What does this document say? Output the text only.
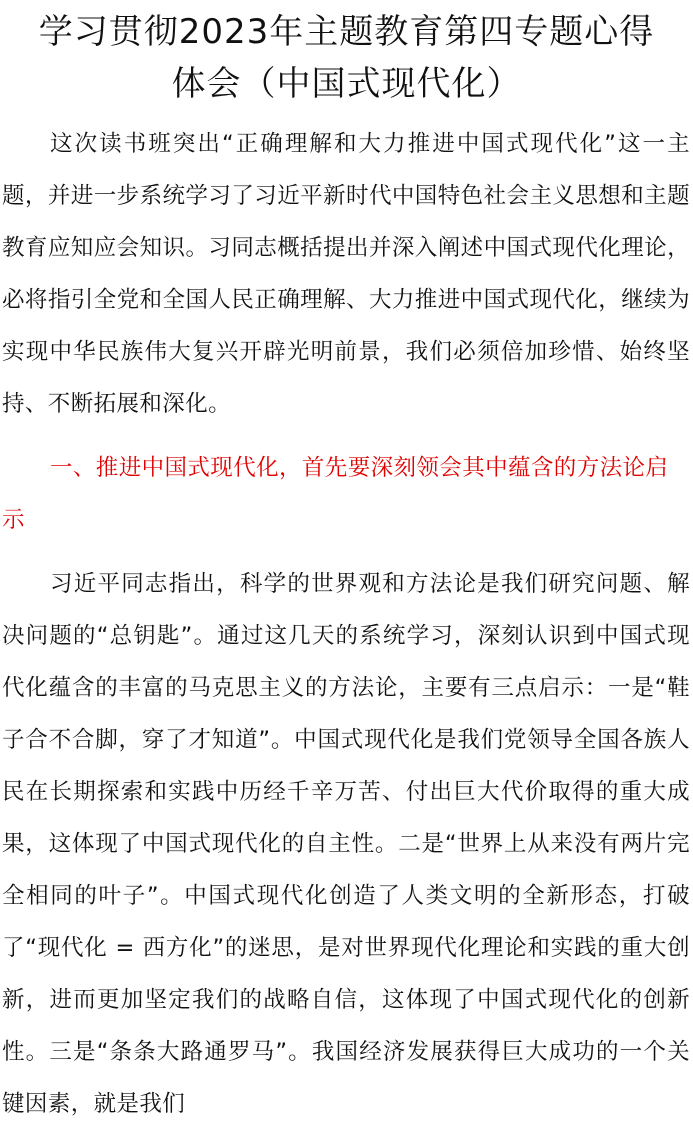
学习贯彻2023年主题教育第四专题心得
体会（中国式现代化）

这次读书班突出“正确理解和大力推进中国式现代化”这一主题，并进一步系统学习了习近平新时代中国特色社会主义思想和主题教育应知应会知识。习同志概括提出并深入阐述中国式现代化理论，必将指引全党和全国人民正确理解、大力推进中国式现代化，继续为实现中华民族伟大复兴开辟光明前景，我们必须倍加珍惜、始终坚持、不断拓展和深化。

一、推进中国式现代化，首先要深刻领会其中蕴含的方法论启示

习近平同志指出，科学的世界观和方法论是我们研究问题、解决问题的“总钥匙”。通过这几天的系统学习，深刻认识到中国式现代化蕴含的丰富的马克思主义的方法论，主要有三点启示：一是“鞋子合不合脚，穿了才知道”。中国式现代化是我们党领导全国各族人民在长期探索和实践中历经千辛万苦、付出巨大代价取得的重大成果，这体现了中国式现代化的自主性。二是“世界上从来没有两片完全相同的叶子”。中国式现代化创造了人类文明的全新形态，打破了“现代化 = 西方化”的迷思，是对世界现代化理论和实践的重大创新，进而更加坚定我们的战略自信，这体现了中国式现代化的创新性。三是“条条大路通罗马”。我国经济发展获得巨大成功的一个关键因素，就是我们
